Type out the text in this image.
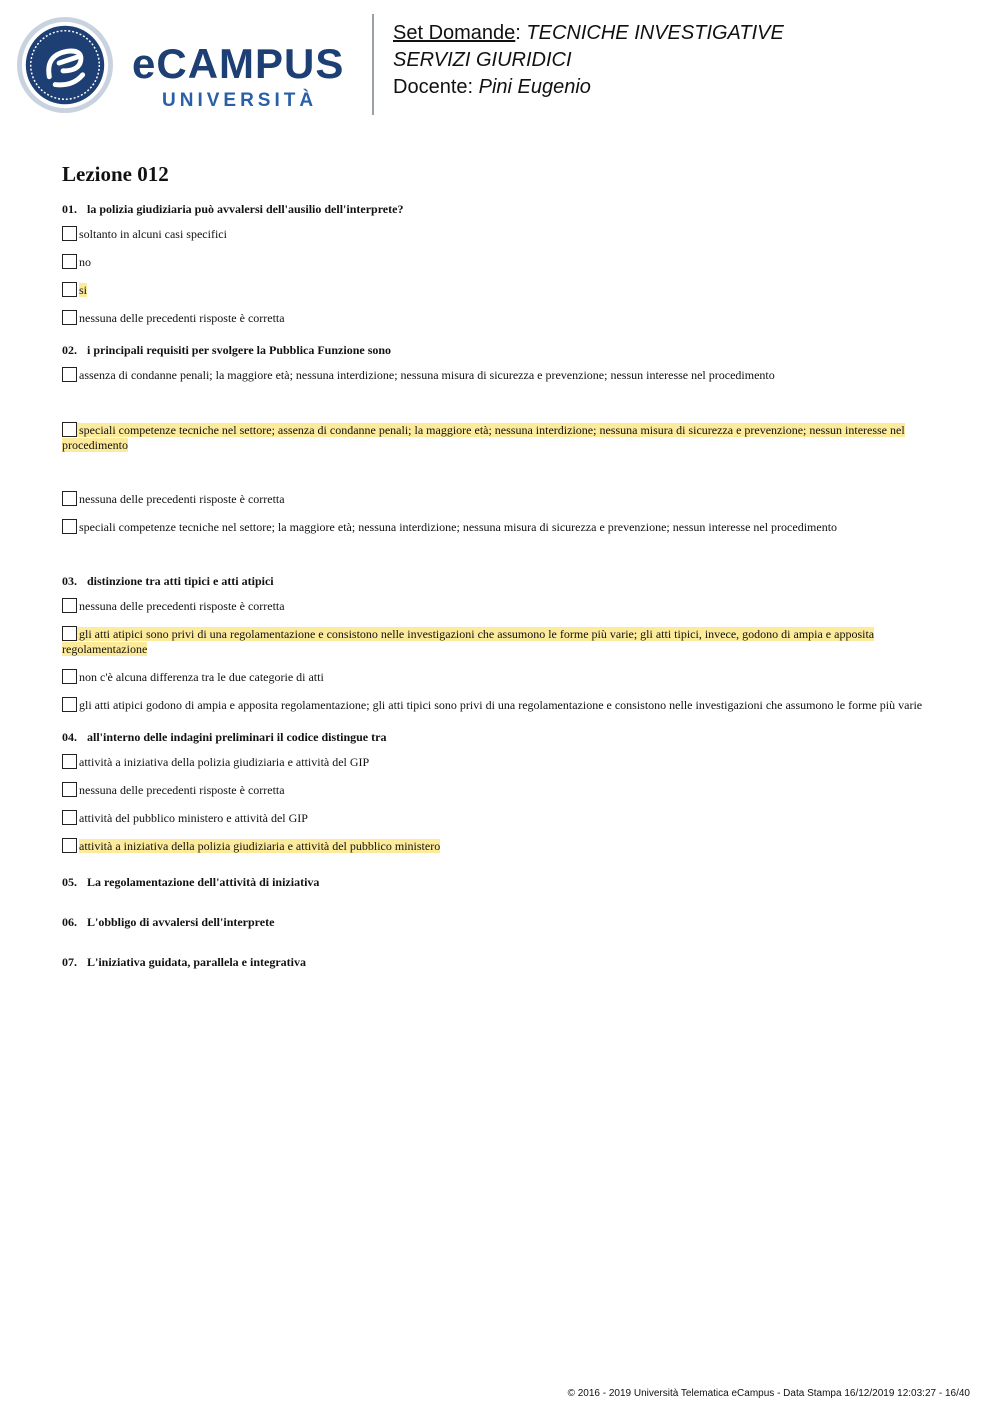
eCAMPUS
UNIVERSITÀ
Set Domande: TECNICHE INVESTIGATIVE
SERVIZI GIURIDICI
Docente: Pini Eugenio
Lezione 012
01. la polizia giudiziaria può avvalersi dell'ausilio dell'interprete?
soltanto in alcuni casi specifici
no
si
nessuna delle precedenti risposte è corretta
02. i principali requisiti per svolgere la Pubblica Funzione sono
assenza di condanne penali; la maggiore età; nessuna interdizione; nessuna misura di sicurezza e prevenzione; nessun interesse nel procedimento
speciali competenze tecniche nel settore; assenza di condanne penali; la maggiore età; nessuna interdizione; nessuna misura di sicurezza e prevenzione; nessun interesse nel procedimento
nessuna delle precedenti risposte è corretta
speciali competenze tecniche nel settore; la maggiore età; nessuna interdizione; nessuna misura di sicurezza e prevenzione; nessun interesse nel procedimento
03. distinzione tra atti tipici e atti atipici
nessuna delle precedenti risposte è corretta
gli atti atipici sono privi di una regolamentazione e consistono nelle investigazioni che assumono le forme più varie; gli atti tipici, invece, godono di ampia e apposita regolamentazione
non c'è alcuna differenza tra le due categorie di atti
gli atti atipici godono di ampia e apposita regolamentazione; gli atti tipici sono privi di una regolamentazione e consistono nelle investigazioni che assumono le forme più varie
04. all'interno delle indagini preliminari il codice distingue tra
attività a iniziativa della polizia giudiziaria e attività del GIP
nessuna delle precedenti risposte è corretta
attività del pubblico ministero e attività del GIP
attività a iniziativa della polizia giudiziaria e attività del pubblico ministero
05. La regolamentazione dell'attività di iniziativa
06. L'obbligo di avvalersi dell'interprete
07. L'iniziativa guidata, parallela e integrativa
© 2016 - 2019 Università Telematica eCampus - Data Stampa 16/12/2019 12:03:27 - 16/40
